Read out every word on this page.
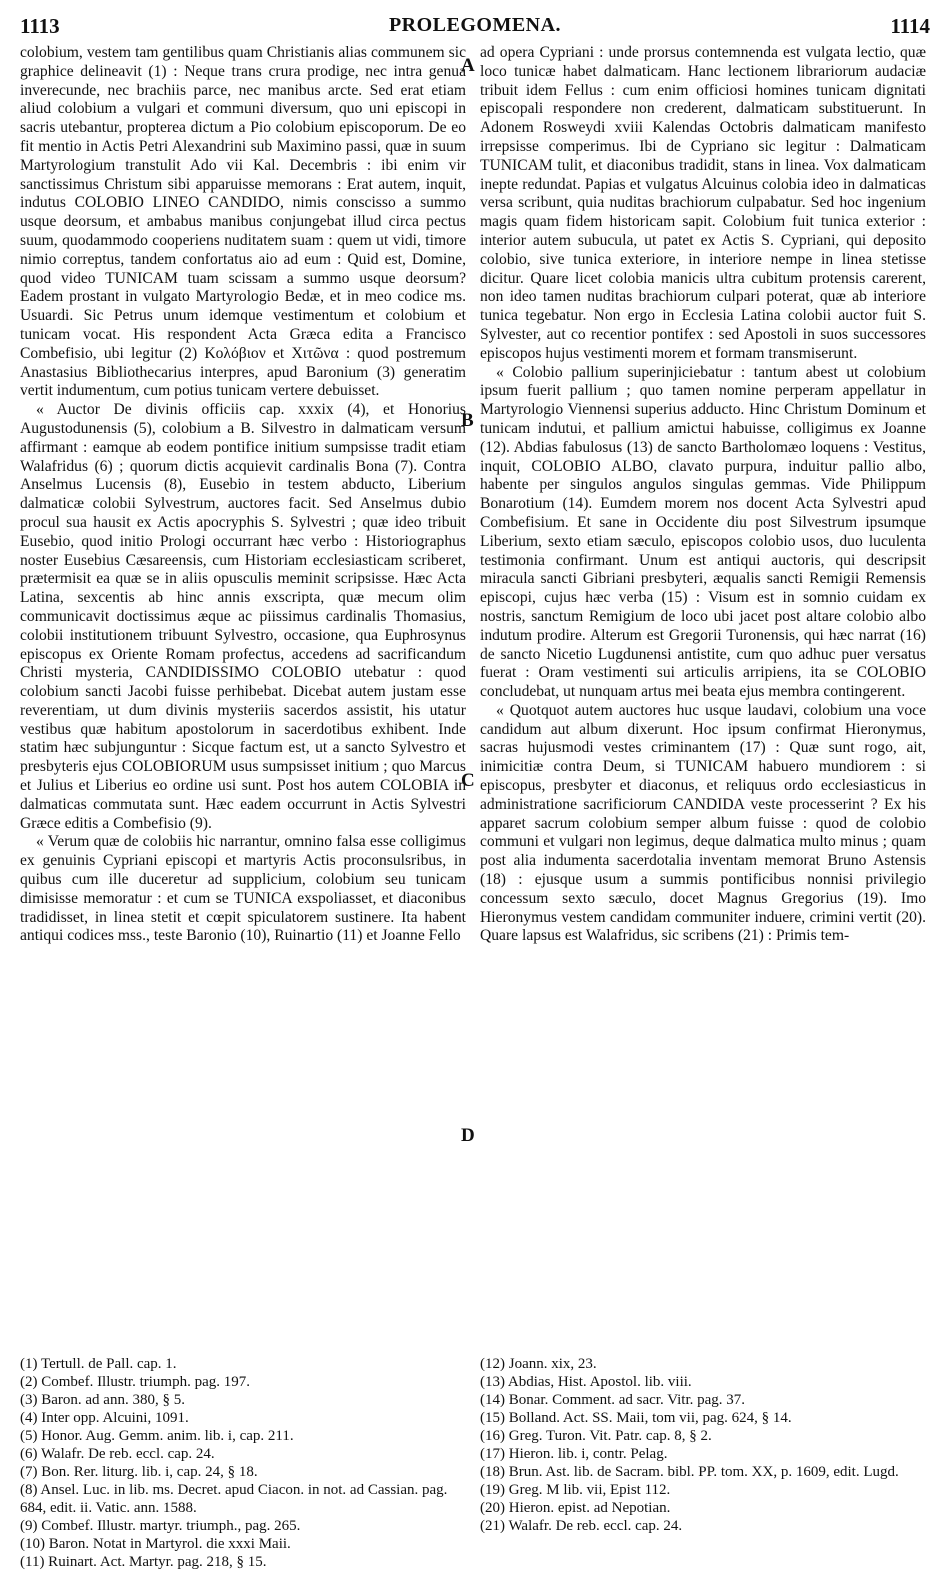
1113	PROLEGOMENA.	1114

colobium, vestem tam gentilibus quam Christianis alias communem sic graphice delineavit (1) : Neque trans crura prodige, nec intra genua inverecunde, nec brachiis parce, nec manibus arcte. Sed erat etiam aliud colobium a vulgari et communi diversum, quo uni episcopi in sacris utebantur, propterea dictum a Pio colobium episcoporum. De eo fit mentio in Actis Petri Alexandrini sub Maximino passi, quæ in suum Martyrologium transtulit Ado vii Kal. Decembris : ibi enim vir sanctissimus Christum sibi apparuisse memorans : Erat autem, inquit, indutus COLOBIO LINEO CANDIDO, nimis conscisso a summo usque deorsum, et ambabus manibus conjungebat illud circa pectus suum, quodammodo cooperiens nuditatem suam : quem ut vidi, timore nimio correptus, tandem confortatus aio ad eum : Quid est, Domine, quod video TUNICAM tuam scissam a summo usque deorsum? Eadem prostant in vulgato Martyrologio Bedæ, et in meo codice ms. Usuardi. Sic Petrus unum idemque vestimentum et colobium et tunicam vocat. His respondent Acta Græca edita a Francisco Combefisio, ubi legitur (2) Κολόβιον et Χιτῶνα : quod postremum Anastasius Bibliothecarius interpres, apud Baronium (3) generatim vertit indumentum, cum potius tunicam vertere debuisset.

« Auctor De divinis officiis cap. xxxix (4), et Honorius Augustodunensis (5), colobium a B. Silvestro in dalmaticam versum affirmant : eamque ab eodem pontifice initium sumpsisse tradit etiam Walafridus (6) ; quorum dictis acquievit cardinalis Bona (7). Contra Anselmus Lucensis (8), Eusebio in testem abducto, Liberium dalmaticæ colobii Sylvestrum, auctores facit. Sed Anselmus dubio procul sua hausit ex Actis apocryphis S. Sylvestri ; quæ ideo tribuit Eusebio, quod initio Prologi occurrant hæc verbo : Historiographus noster Eusebius Cæsareensis, cum Historiam ecclesiasticam scriberet, prætermisit ea quæ se in aliis opusculis meminit scripsisse. Hæc Acta Latina, sexcentis ab hinc annis exscripta, quæ mecum olim communicavit doctissimus æque ac piissimus cardinalis Thomasius, colobii institutionem tribuunt Sylvestro, occasione, qua Euphrosynus episcopus ex Oriente Romam profectus, accedens ad sacrificandum Christi mysteria, CANDIDISSIMO COLOBIO utebatur : quod colobium sancti Jacobi fuisse perhibebat. Dicebat autem justam esse reverentiam, ut dum divinis mysteriis sacerdos assistit, his utatur vestibus quæ habitum apostolorum in sacerdotibus exhibent. Inde statim hæc subjunguntur : Sicque factum est, ut a sancto Sylvestro et presbyteris ejus COLOBIORUM usus sumpsisset initium ; quo Marcus et Julius et Liberius eo ordine usi sunt. Post hos autem COLOBIA in dalmaticas commutata sunt. Hæc eadem occurrunt in Actis Sylvestri Græce editis a Combefisio (9).

« Verum quæ de colobiis hic narrantur, omnino falsa esse colligimus ex genuinis Cypriani episcopi et martyris Actis proconsulsribus, in quibus cum ille duceretur ad supplicium, colobium seu tunicam dimisisse memoratur : et cum se TUNICA exspoliasset, et diaconibus tradidisset, in linea stetit et cœpit spiculatorem sustinere. Ita habent antiqui codices mss., teste Baronio (10), Ruinartio (11) et Joanne Fello

ad opera Cypriani : unde prorsus contemnenda est vulgata lectio, quæ loco tunicæ habet dalmaticam. Hanc lectionem librariorum audaciæ tribuit idem Fellus : cum enim officiosi homines tunicam dignitati episcopali respondere non crederent, dalmaticam substituerunt. In Adonem Rosweydi xviii Kalendas Octobris dalmaticam manifesto irrepsisse comperimus. Ibi de Cypriano sic legitur : Dalmaticam TUNICAM tulit, et diaconibus tradidit, stans in linea. Vox dalmaticam inepte redundat. Papias et vulgatus Alcuinus colobia ideo in dalmaticas versa scribunt, quia nuditas brachiorum culpabatur. Sed hoc ingenium magis quam fidem historicam sapit. Colobium fuit tunica exterior : interior autem subucula, ut patet ex Actis S. Cypriani, qui deposito colobio, sive tunica exteriore, in interiore nempe in linea stetisse dicitur. Quare licet colobia manicis ultra cubitum protensis carerent, non ideo tamen nuditas brachiorum culpari poterat, quæ ab interiore tunica tegebatur. Non ergo in Ecclesia Latina colobii auctor fuit S. Sylvester, aut co recentior pontifex : sed Apostoli in suos successores episcopos hujus vestimenti morem et formam transmiserunt.

« Colobio pallium superinjiciebatur : tantum abest ut colobium ipsum fuerit pallium ; quo tamen nomine perperam appellatur in Martyrologio Viennensi superius adducto. Hinc Christum Dominum et tunicam indutui, et pallium amictui habuisse, colligimus ex Joanne (12). Abdias fabulosus (13) de sancto Bartholomæo loquens : Vestitus, inquit, COLOBIO ALBO, clavato purpura, induitur pallio albo, habente per singulos angulos singulas gemmas. Vide Philippum Bonarotium (14). Eumdem morem nos docent Acta Sylvestri apud Combefisium. Et sane in Occidente diu post Silvestrum ipsumque Liberium, sexto etiam sæculo, episcopos colobio usos, duo luculenta testimonia confirmant. Unum est antiqui auctoris, qui descripsit miracula sancti Gibriani presbyteri, æqualis sancti Remigii Remensis episcopi, cujus hæc verba (15) : Visum est in somnio cuidam ex nostris, sanctum Remigium de loco ubi jacet post altare colobio albo indutum prodire. Alterum est Gregorii Turonensis, qui hæc narrat (16) de sancto Nicetio Lugdunensi antistite, cum quo adhuc puer versatus fuerat : Oram vestimenti sui articulis arripiens, ita se COLOBIO concludebat, ut nunquam artus mei beata ejus membra contingerent.

« Quotquot autem auctores huc usque laudavi, colobium una voce candidum aut album dixerunt. Hoc ipsum confirmat Hieronymus, sacras hujusmodi vestes criminantem (17) : Quæ sunt rogo, ait, inimicitiæ contra Deum, si TUNICAM habuero mundiorem : si episcopus, presbyter et diaconus, et reliquus ordo ecclesiasticus in administratione sacrificiorum CANDIDA veste processerint ? Ex his apparet sacrum colobium semper album fuisse : quod de colobio communi et vulgari non legimus, deque dalmatica multo minus ; quam post alia indumenta sacerdotalia inventam memorat Bruno Astensis (18) : ejusque usum a summis pontificibus nonnisi privilegio concessum sexto sæculo, docet Magnus Gregorius (19). Imo Hieronymus vestem candidam communiter induere, crimini vertit (20). Quare lapsus est Walafridus, sic scribens (21) : Primis tem-

A
B
C
D
(1) Tertull. de Pall. cap. 1.
(2) Combef. Illustr. triumph. pag. 197.
(3) Baron. ad ann. 380, § 5.
(4) Inter opp. Alcuini, 1091.
(5) Honor. Aug. Gemm. anim. lib. i, cap. 211.
(6) Walafr. De reb. eccl. cap. 24.
(7) Bon. Rer. liturg. lib. i, cap. 24, § 18.
(8) Ansel. Luc. in lib. ms. Decret. apud Ciacon. in not. ad Cassian. pag. 684, edit. ii. Vatic. ann. 1588.
(9) Combef. Illustr. martyr. triumph., pag. 265.
(10) Baron. Notat in Martyrol. die xxxi Maii.
(11) Ruinart. Act. Martyr. pag. 218, § 15.
(12) Joann. xix, 23.
(13) Abdias, Hist. Apostol. lib. viii.
(14) Bonar. Comment. ad sacr. Vitr. pag. 37.
(15) Bolland. Act. SS. Maii, tom vii, pag. 624, § 14.
(16) Greg. Turon. Vit. Patr. cap. 8, § 2.
(17) Hieron. lib. i, contr. Pelag.
(18) Brun. Ast. lib. de Sacram. bibl. PP. tom. XX, p. 1609, edit. Lugd.
(19) Greg. M lib. vii, Epist 112.
(20) Hieron. epist. ad Nepotian.
(21) Walafr. De reb. eccl. cap. 24.
